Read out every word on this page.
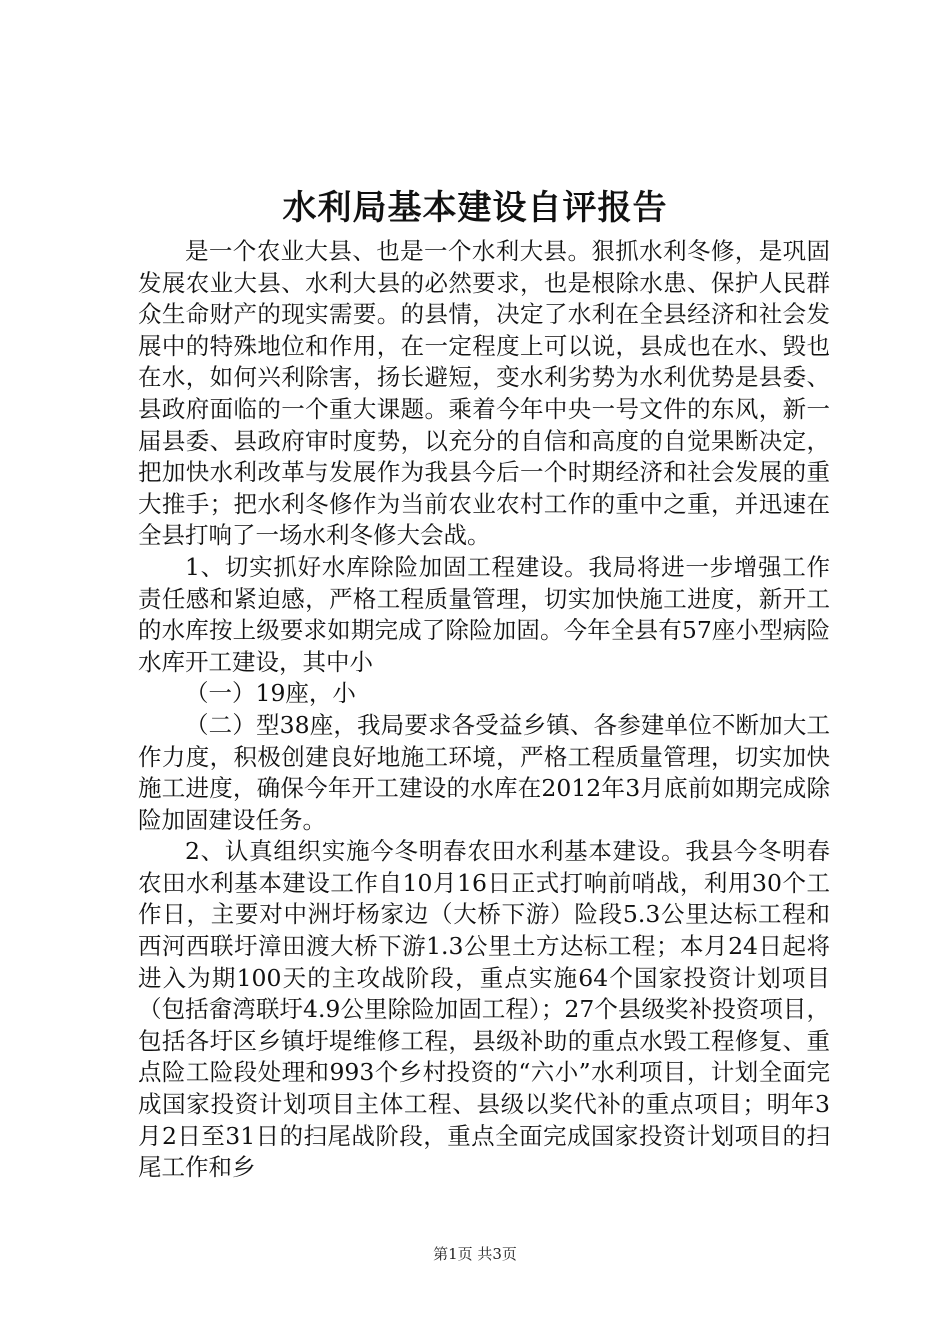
水利局基本建设自评报告

是一个农业大县、也是一个水利大县。狠抓水利冬修，是巩固发展农业大县、水利大县的必然要求，也是根除水患、保护人民群众生命财产的现实需要。的县情，决定了水利在全县经济和社会发展中的特殊地位和作用，在一定程度上可以说，县成也在水、毁也在水，如何兴利除害，扬长避短，变水利劣势为水利优势是县委、县政府面临的一个重大课题。乘着今年中央一号文件的东风，新一届县委、县政府审时度势，以充分的自信和高度的自觉果断决定，把加快水利改革与发展作为我县今后一个时期经济和社会发展的重大推手；把水利冬修作为当前农业农村工作的重中之重，并迅速在全县打响了一场水利冬修大会战。

1、切实抓好水库除险加固工程建设。我局将进一步增强工作责任感和紧迫感，严格工程质量管理，切实加快施工进度，新开工的水库按上级要求如期完成了除险加固。今年全县有57座小型病险水库开工建设，其中小

（一）19座，小

（二）型38座，我局要求各受益乡镇、各参建单位不断加大工作力度，积极创建良好地施工环境，严格工程质量管理，切实加快施工进度，确保今年开工建设的水库在2012年3月底前如期完成除险加固建设任务。

2、认真组织实施今冬明春农田水利基本建设。我县今冬明春农田水利基本建设工作自10月16日正式打响前哨战，利用30个工作日，主要对中洲圩杨家边（大桥下游）险段5.3公里达标工程和西河西联圩漳田渡大桥下游1.3公里土方达标工程；本月24日起将进入为期100天的主攻战阶段，重点实施64个国家投资计划项目（包括畲湾联圩4.9公里除险加固工程）；27个县级奖补投资项目，包括各圩区乡镇圩堤维修工程，县级补助的重点水毁工程修复、重点险工险段处理和993个乡村投资的“六小”水利项目，计划全面完成国家投资计划项目主体工程、县级以奖代补的重点项目；明年3月2日至31日的扫尾战阶段，重点全面完成国家投资计划项目的扫尾工作和乡

第1页 共3页
